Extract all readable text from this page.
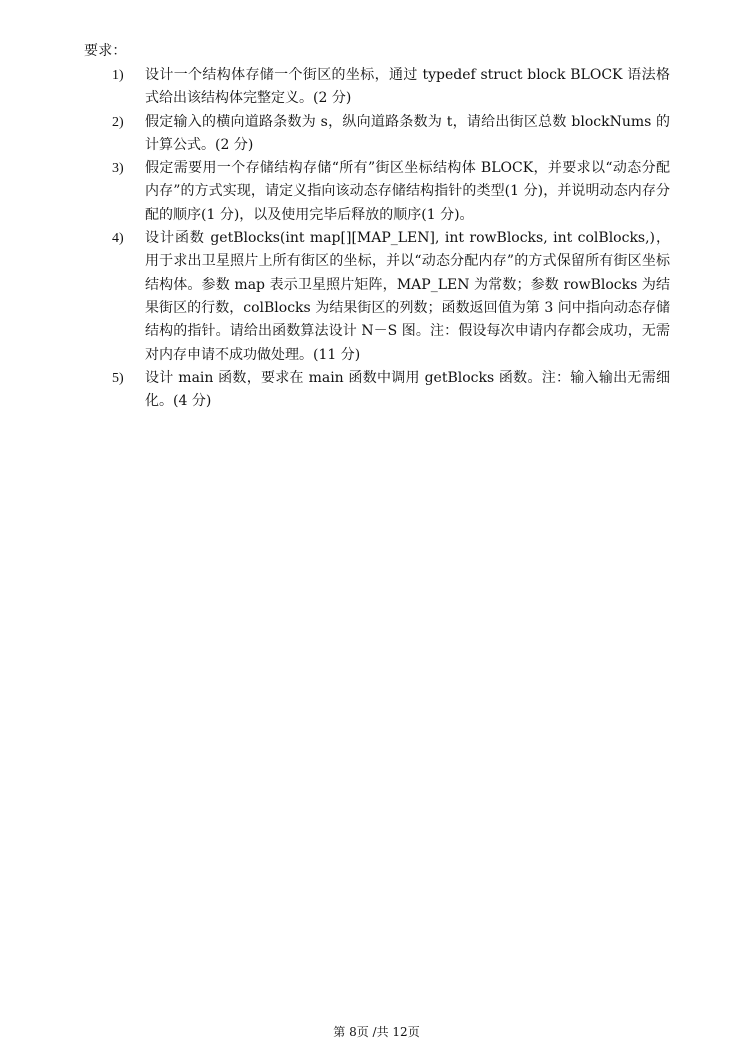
要求：
1) 设计一个结构体存储一个街区的坐标，通过 typedef struct block BLOCK 语法格式给出该结构体完整定义。(2 分)
2) 假定输入的横向道路条数为 s，纵向道路条数为 t，请给出街区总数 blockNums 的计算公式。(2 分)
3) 假定需要用一个存储结构存储“所有”街区坐标结构体 BLOCK，并要求以“动态分配内存”的方式实现，请定义指向该动态存储结构指针的类型(1 分)，并说明动态内存分配的顺序(1 分)，以及使用完毕后释放的顺序(1 分)。
4) 设计函数 getBlocks(int map[][MAP_LEN], int rowBlocks, int colBlocks,)，用于求出卫星照片上所有街区的坐标，并以“动态分配内存”的方式保留所有街区坐标结构体。参数 map 表示卫星照片矩阵，MAP_LEN 为常数；参数 rowBlocks 为结果街区的行数，colBlocks 为结果街区的列数；函数返回值为第 3 问中指向动态存储结构的指针。请给出函数算法设计 N－S 图。注：假设每次申请内存都会成功，无需对内存申请不成功做处理。(11 分)
5) 设计 main 函数，要求在 main 函数中调用 getBlocks 函数。注：输入输出无需细化。(4 分)
第 8页 /共 12页
